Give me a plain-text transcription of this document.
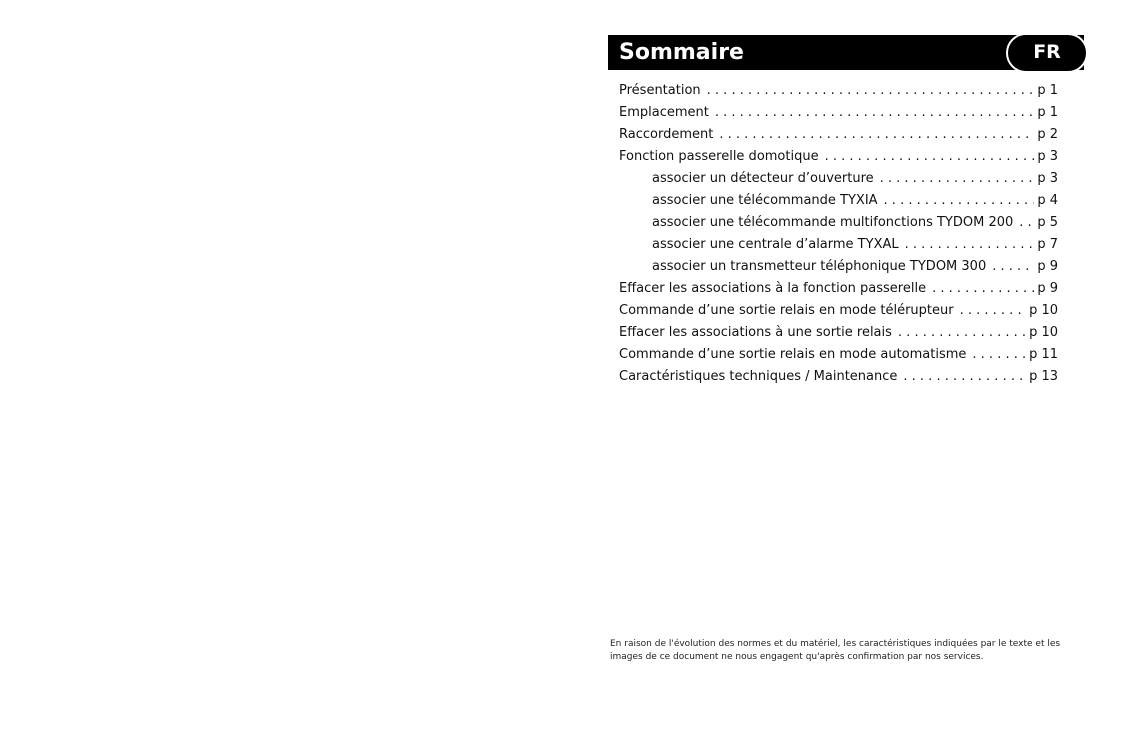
Sommaire	FR
Présentation . . .	p 1
Emplacement . . .	p 1
Raccordement . . .	p 2
Fonction passerelle domotique . . .	p 3
associer un détecteur d’ouverture . . .	p 3
associer une télécommande TYXIA . . .	p 4
associer une télécommande multifonctions TYDOM 200 . . .	p 5
associer une centrale d’alarme TYXAL . . .	p 7
associer un transmetteur téléphonique TYDOM 300 . . .	p 9
Effacer les associations à la fonction passerelle . . .	p 9
Commande d’une sortie relais en mode télérupteur . . .	p 10
Effacer les associations à une sortie relais . . .	p 10
Commande d’une sortie relais en mode automatisme . . .	p 11
Caractéristiques techniques / Maintenance . . .	p 13

En raison de l'évolution des normes et du matériel, les caractéristiques indiquées par le texte et les images de ce document ne nous engagent qu'après confirmation par nos services.
